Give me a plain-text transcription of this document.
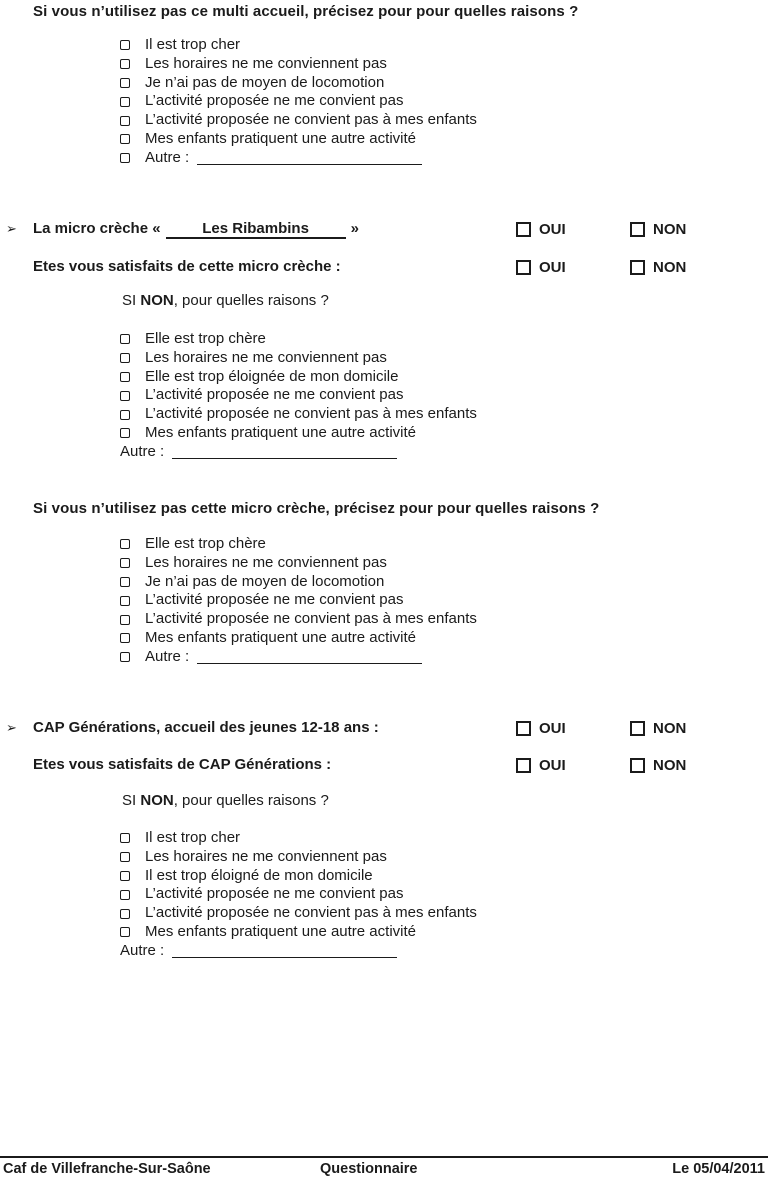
Si vous n’utilisez pas ce multi accueil, précisez pour pour quelles raisons ?
Il est trop cher
Les horaires ne me conviennent pas
Je n’ai pas de moyen de locomotion
L’activité proposée ne me convient pas
L’activité proposée ne convient pas à mes enfants
Mes enfants pratiquent une autre activité
Autre :
➢ La micro crèche «	Les Ribambins	»	OUI	NON
Etes vous satisfaits de cette micro crèche :	OUI	NON
SI NON, pour quelles raisons ?
Elle est trop chère
Les horaires ne me conviennent pas
Elle est trop éloignée de mon domicile
L’activité proposée ne me convient pas
L’activité proposée ne convient pas à mes enfants
Mes enfants pratiquent une autre activité
Autre :
Si vous n’utilisez pas cette micro crèche, précisez pour pour quelles raisons ?
Elle est trop chère
Les horaires ne me conviennent pas
Je n’ai pas de moyen de locomotion
L’activité proposée ne me convient pas
L’activité proposée ne convient pas à mes enfants
Mes enfants pratiquent une autre activité
Autre :
➢ CAP Générations, accueil des jeunes 12-18 ans :	OUI	NON
Etes vous satisfaits de CAP Générations :	OUI	NON
SI NON, pour quelles raisons ?
Il est trop cher
Les horaires ne me conviennent pas
Il est trop éloigné de mon domicile
L’activité proposée ne me convient pas
L’activité proposée ne convient pas à mes enfants
Mes enfants pratiquent une autre activité
Autre :
Caf de Villefranche-Sur-Saône	Questionnaire	Le 05/04/2011
